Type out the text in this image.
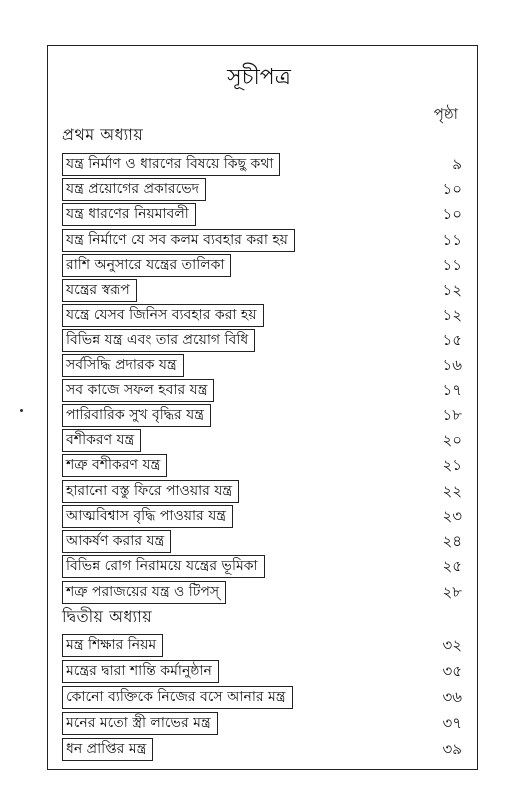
সূচীপত্র
পৃষ্ঠা
প্রথম অধ্যায়
যন্ত্র নির্মাণ ও ধারণের বিষয়ে কিছু কথা	৯
যন্ত্র প্রয়োগের প্রকারভেদ	১০
যন্ত্র ধারণের নিয়মাবলী	১০
যন্ত্র নির্মাণে যে সব কলম ব্যবহার করা হয়	১১
রাশি অনুসারে যন্ত্রের তালিকা	১১
যন্ত্রের স্বরূপ	১২
যন্ত্রে যেসব জিনিস ব্যবহার করা হয়	১২
বিভিন্ন যন্ত্র এবং তার প্রয়োগ বিধি	১৫
সর্বসিদ্ধি প্রদারক যন্ত্র	১৬
সব কাজে সফল হবার যন্ত্র	১৭
পারিবারিক সুখ বৃদ্ধির যন্ত্র	১৮
বশীকরণ যন্ত্র	২০
শত্রু বশীকরণ যন্ত্র	২১
হারানো বস্তু ফিরে পাওয়ার যন্ত্র	২২
আত্মবিশ্বাস বৃদ্ধি পাওয়ার যন্ত্র	২৩
আকর্ষণ করার যন্ত্র	২৪
বিভিন্ন রোগ নিরাময়ে যন্ত্রের ভূমিকা	২৫
শত্রু পরাজয়ের যন্ত্র ও টিপস্	২৮
দ্বিতীয় অধ্যায়
মন্ত্র শিক্ষার নিয়ম	৩২
মন্ত্রের দ্বারা শান্তি কর্মানুষ্ঠান	৩৫
কোনো ব্যক্তিকে নিজের বসে আনার মন্ত্র	৩৬
মনের মতো স্ত্রী লাভের মন্ত্র	৩৭
ধন প্রাপ্তির মন্ত্র	৩৯
